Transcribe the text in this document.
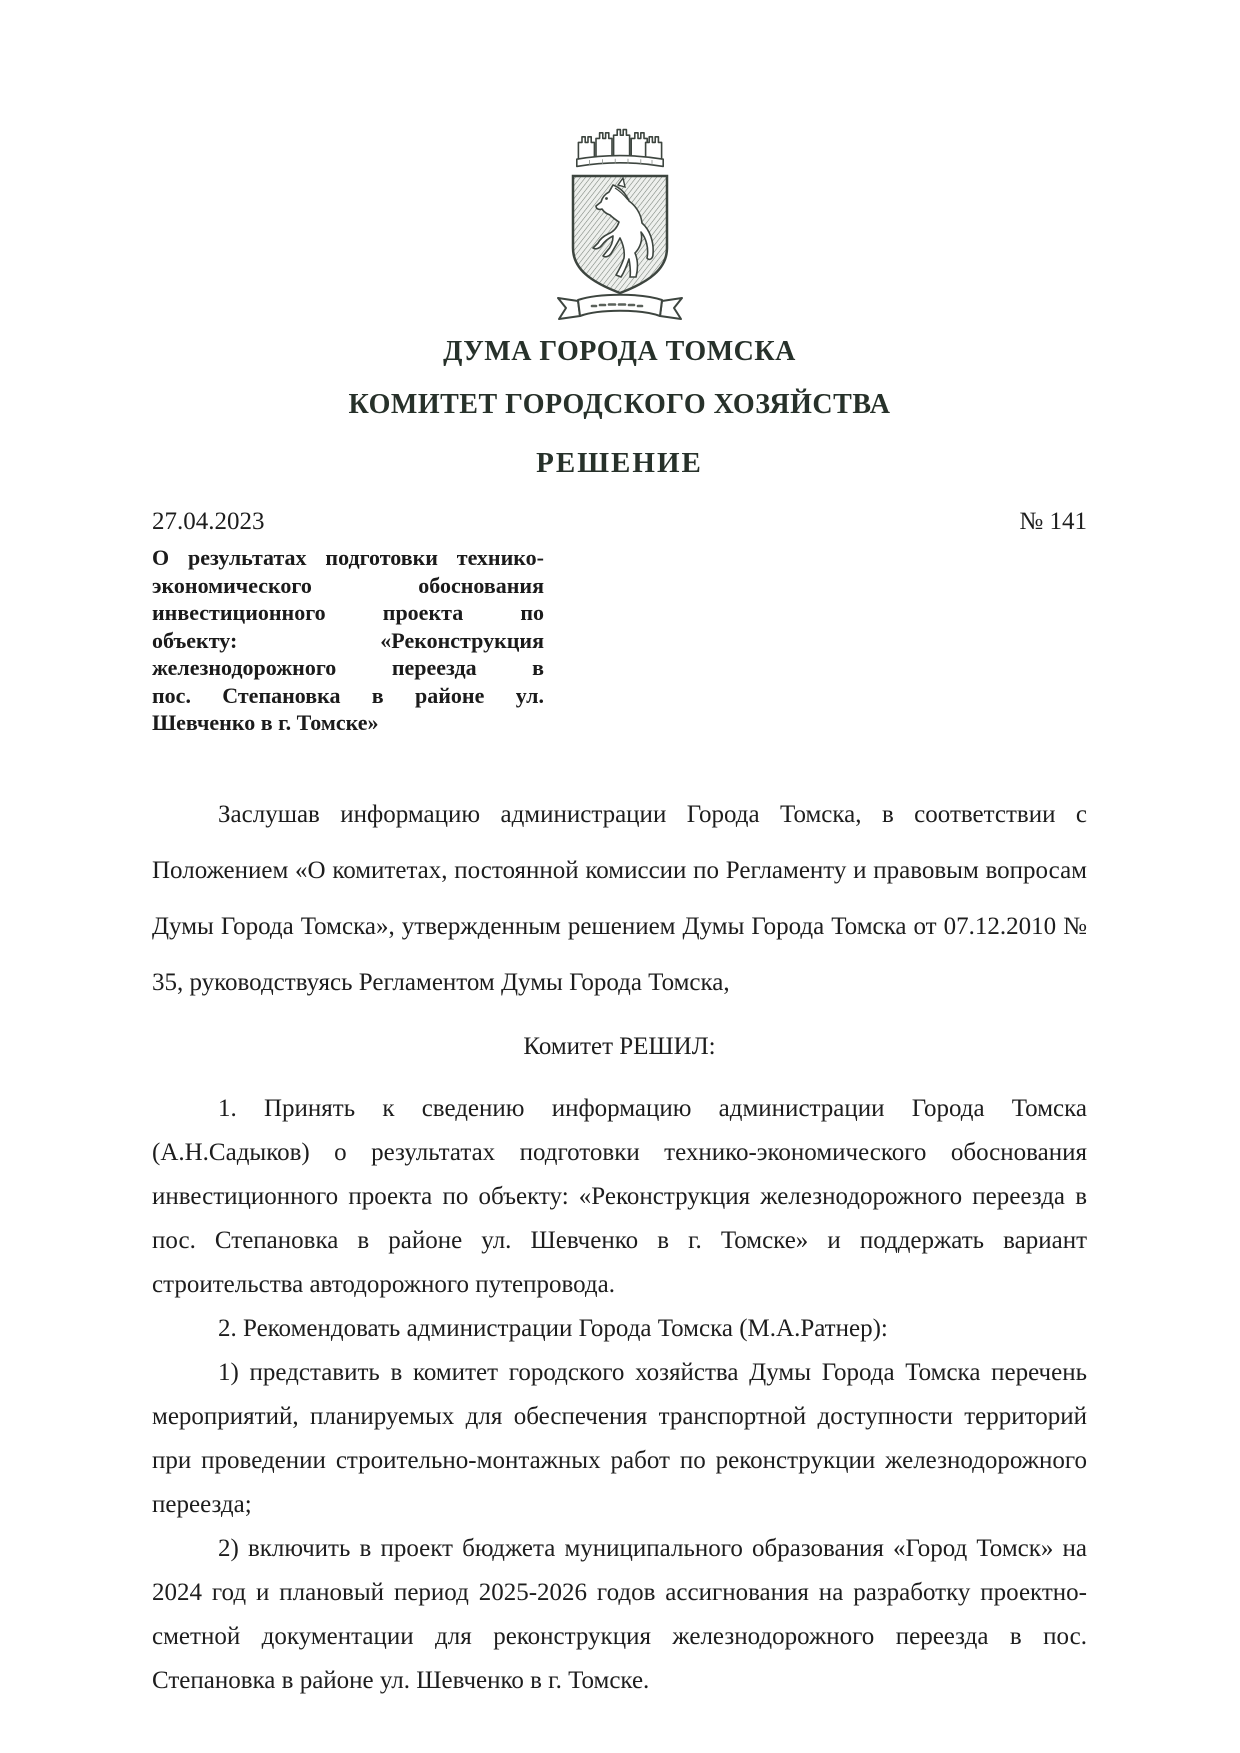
ДУМА ГОРОДА ТОМСКА

КОМИТЕТ ГОРОДСКОГО ХОЗЯЙСТВА

РЕШЕНИЕ

27.04.2023	№ 141
О результатах подготовки технико-
экономического обоснования
инвестиционного проекта по
объекту: «Реконструкция
железнодорожного переезда в
пос. Степановка в районе ул.
Шевченко в г. Томске»

Заслушав информацию администрации Города Томска, в соответствии с Положением «О комитетах, постоянной комиссии по Регламенту и правовым вопросам Думы Города Томска», утвержденным решением Думы Города Томска от 07.12.2010 № 35, руководствуясь Регламентом Думы Города Томска,

Комитет РЕШИЛ:

1. Принять к сведению информацию администрации Города Томска (А.Н.Садыков) о результатах подготовки технико-экономического обоснования инвестиционного проекта по объекту: «Реконструкция железнодорожного переезда в пос. Степановка в районе ул. Шевченко в г. Томске» и поддержать вариант строительства автодорожного путепровода.

2. Рекомендовать администрации Города Томска (М.А.Ратнер):

1) представить в комитет городского хозяйства Думы Города Томска перечень мероприятий, планируемых для обеспечения транспортной доступности территорий при проведении строительно-монтажных работ по реконструкции железнодорожного переезда;

2) включить в проект бюджета муниципального образования «Город Томск» на 2024 год и плановый период 2025-2026 годов ассигнования на разработку проектно-сметной документации для реконструкция железнодорожного переезда в пос. Степановка в районе ул. Шевченко в г. Томске.
